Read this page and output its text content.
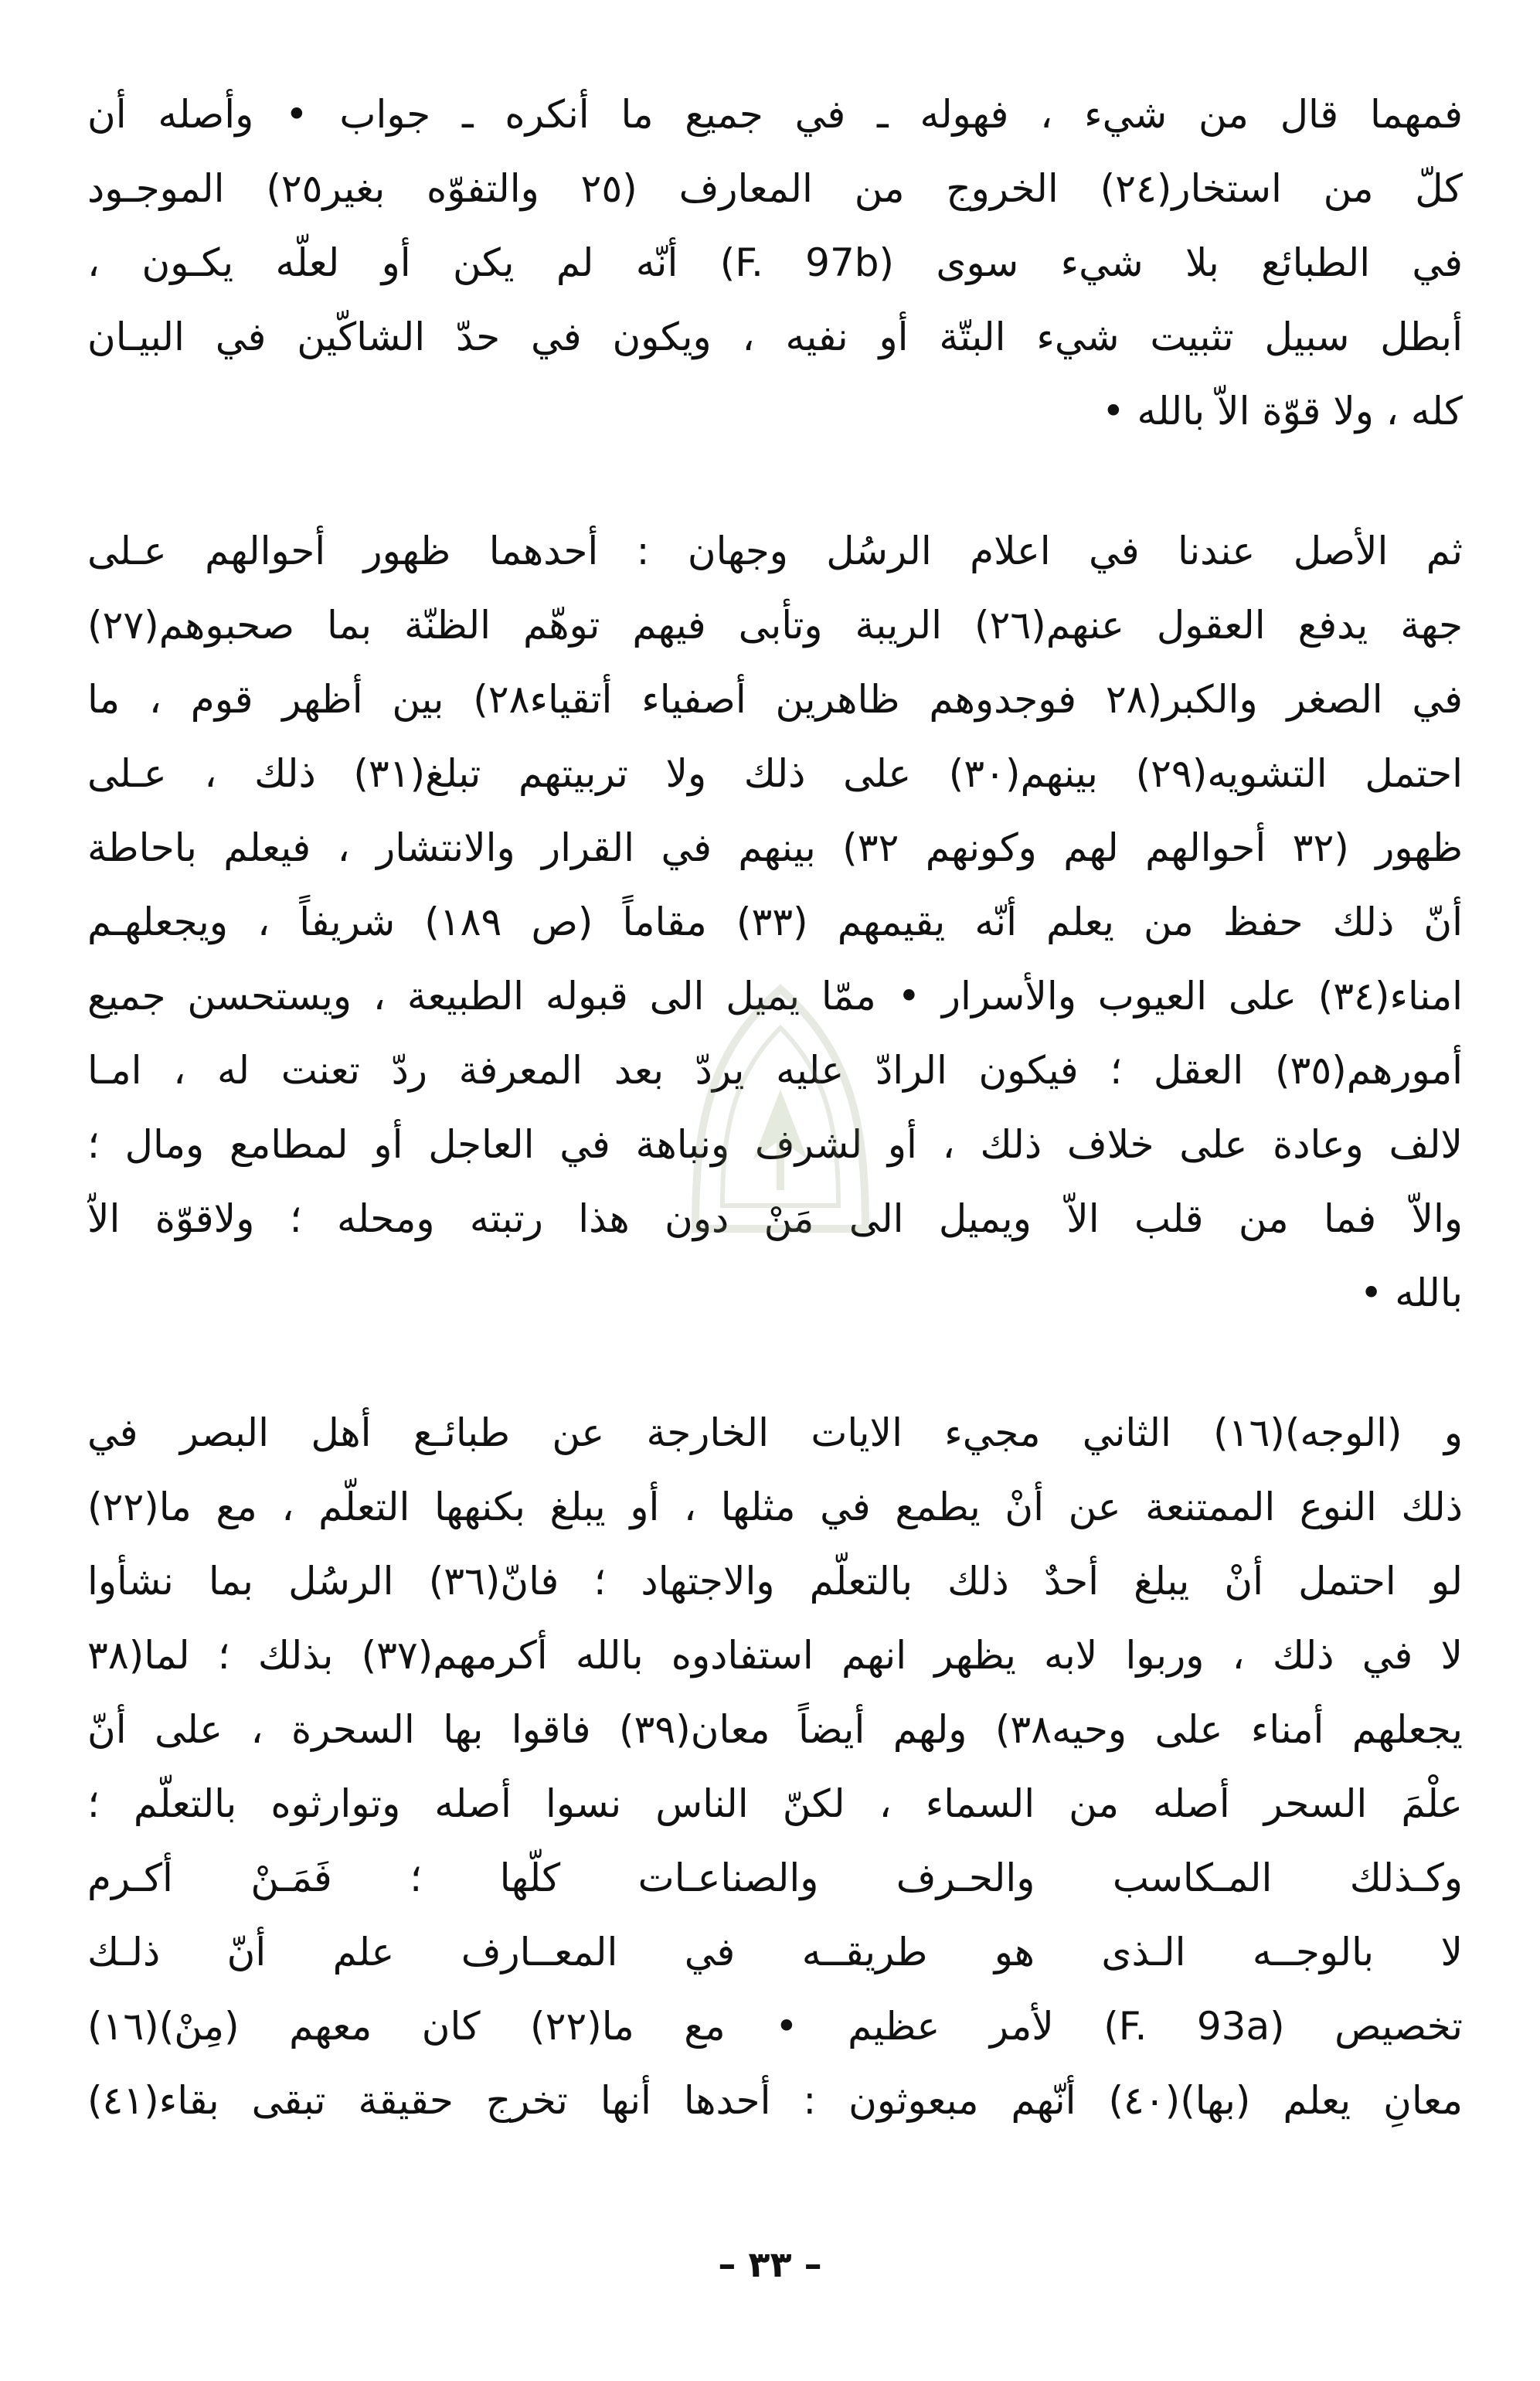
فمهما قال من شيء ، فهوله ـ في جميع ما أنكره ـ جواب • وأصله أن
كلّ من استخار(٢٤) الخروج من المعارف (٢٥ والتفوّه بغير٢٥) الموجـود
في الطبائع بلا شيء سوى (F. 97b) أنّه لم يكن أو لعلّه يكـون ،
أبطل سبيل تثبيت شيء البتّة أو نفيه ، ويكون في حدّ الشاكّين في البيـان
كله ، ولا قوّة الاّ بالله •
ثم الأصل عندنا في اعلام الرسُل وجهان : أحدهما ظهور أحوالهم عـلى
جهة يدفع العقول عنهم(٢٦) الريبة وتأبى فيهم توهّم الظنّة بما صحبوهم(٢٧)
في الصغر والكبر(٢٨ فوجدوهم ظاهرين أصفياء أتقياء٢٨) بين أظهر قوم ، ما
احتمل التشويه(٢٩) بينهم(٣٠) على ذلك ولا تربيتهم تبلغ(٣١) ذلك ، عـلى
ظهور (٣٢ أحوالهم لهم وكونهم ٣٢) بينهم في القرار والانتشار ، فيعلم باحاطة
أنّ ذلك حفظ من يعلم أنّه يقيمهم (٣٣) مقاماً (ص ١٨٩) شريفاً ، ويجعلهـم
امناء(٣٤) على العيوب والأسرار • ممّا يميل الى قبوله الطبيعة ، ويستحسن جميع
أمورهم(٣٥) العقل ؛ فيكون الرادّ عليه يردّ بعد المعرفة ردّ تعنت له ، امـا
لالف وعادة على خلاف ذلك ، أو لشرف ونباهة في العاجل أو لمطامع ومال ؛
والاّ فما من قلب الاّ ويميل الى مَنْ دون هذا رتبته ومحله ؛ ولاقوّة الاّ
بالله •
و (الوجه)(١٦) الثاني مجيء الايات الخارجة عن طبائـع أهل البصر في
ذلك النوع الممتنعة عن أنْ يطمع في مثلها ، أو يبلغ بكنهها التعلّم ، مع ما(٢٢)
لو احتمل أنْ يبلغ أحدٌ ذلك بالتعلّم والاجتهاد ؛ فانّ(٣٦) الرسُل بما نشأوا
لا في ذلك ، وربوا لابه يظهر انهم استفادوه بالله أكرمهم(٣٧) بذلك ؛ لما(٣٨
يجعلهم أمناء على وحيه٣٨) ولهم أيضاً معان(٣٩) فاقوا بها السحرة ، على أنّ
علْمَ السحر أصله من السماء ، لكنّ الناس نسوا أصله وتوارثوه بالتعلّم ؛
وكـذلك المـكاسب والحـرف والصناعـات كلّها ؛ فَمَـنْ أكـرم
لا بالوجــه الـذى هو طريقــه في المعــارف علم أنّ ذلـك
تخصيص (F. 93a) لأمر عظيم • مع ما(٢٢) كان معهم (مِنْ)(١٦)
معانِ يعلم (بها)(٤٠) أنّهم مبعوثون : أحدها أنها تخرج حقيقة تبقى بقاء(٤١)
– ٣٣ –
